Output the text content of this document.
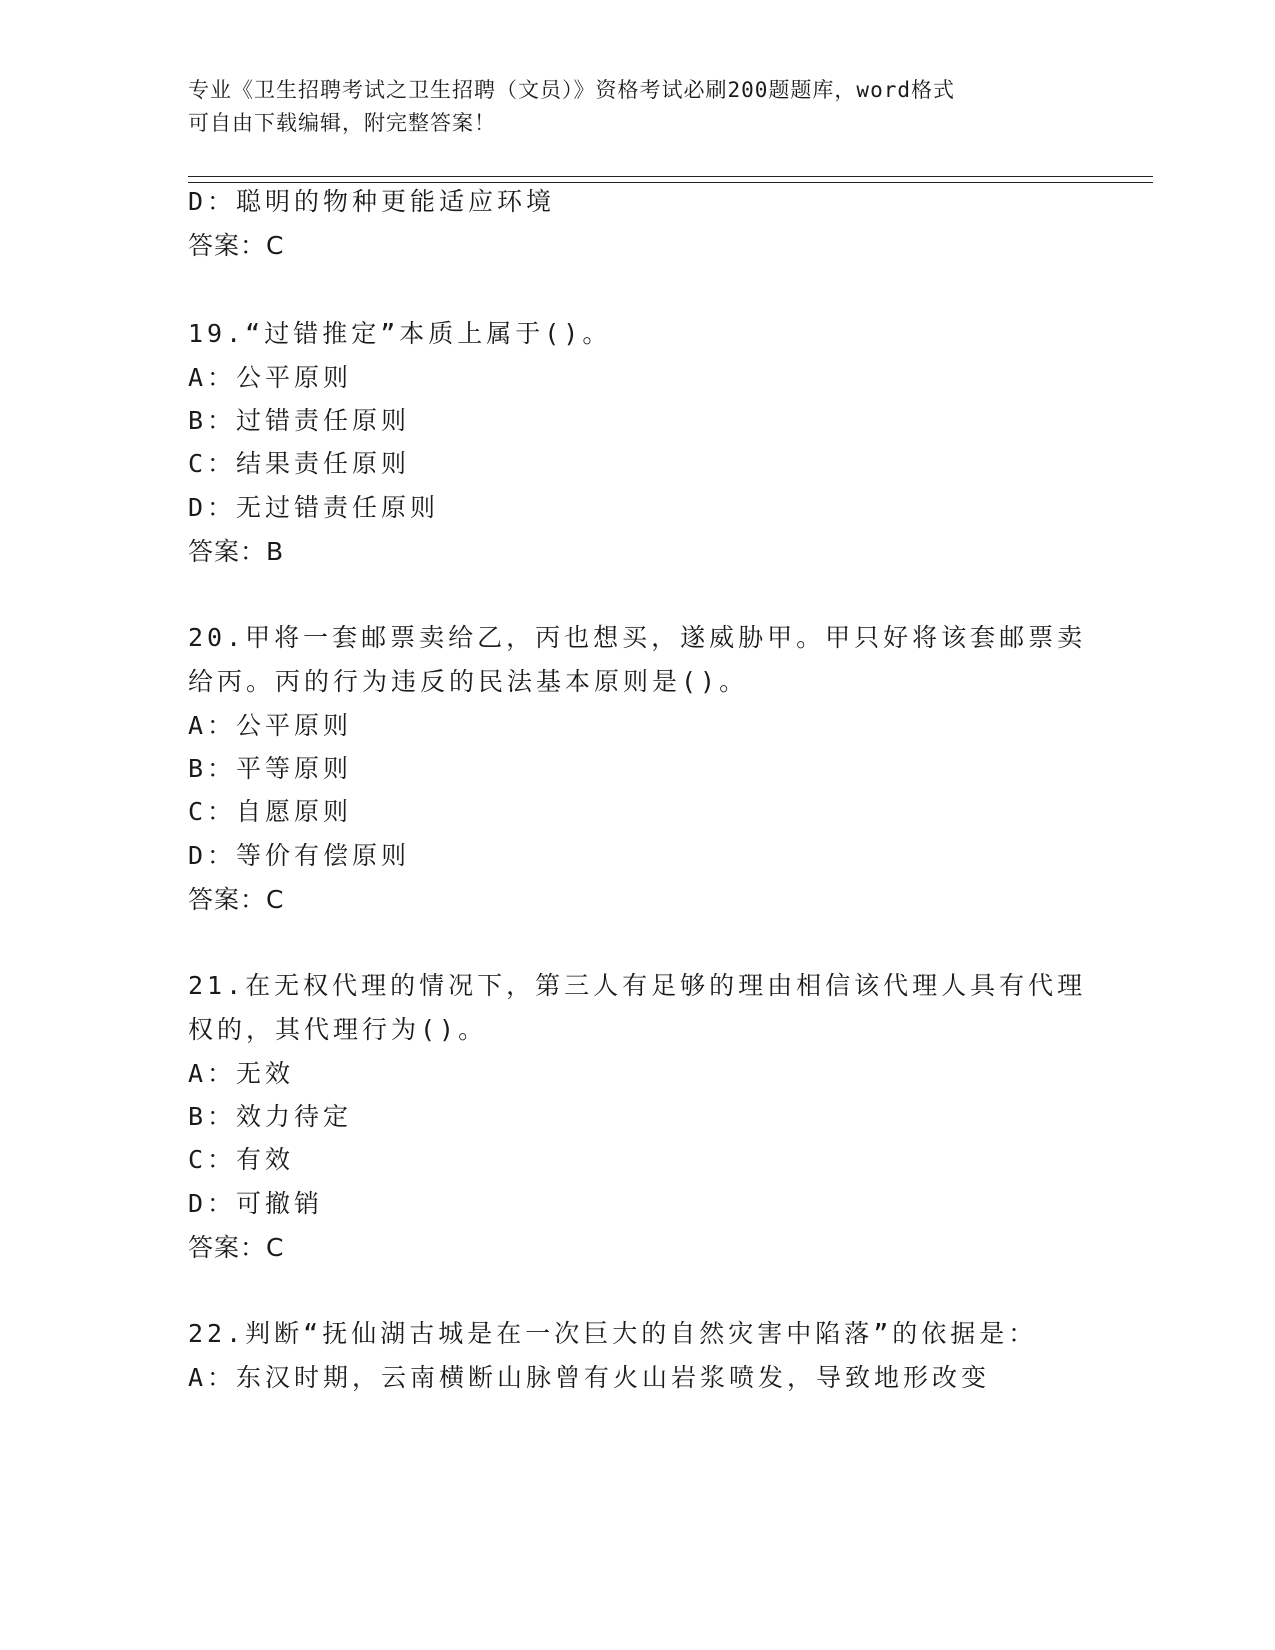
专业《卫生招聘考试之卫生招聘（文员）》资格考试必刷200题题库，word格式
可自由下载编辑，附完整答案！
D：聪明的物种更能适应环境
答案：C
19.“过错推定”本质上属于()。
A：公平原则
B：过错责任原则
C：结果责任原则
D：无过错责任原则
答案：B
20.甲将一套邮票卖给乙，丙也想买，遂威胁甲。甲只好将该套邮票卖
给丙。丙的行为违反的民法基本原则是()。
A：公平原则
B：平等原则
C：自愿原则
D：等价有偿原则
答案：C
21.在无权代理的情况下，第三人有足够的理由相信该代理人具有代理
权的，其代理行为()。
A：无效
B：效力待定
C：有效
D：可撤销
答案：C
22.判断“抚仙湖古城是在一次巨大的自然灾害中陷落”的依据是：
A：东汉时期，云南横断山脉曾有火山岩浆喷发，导致地形改变
